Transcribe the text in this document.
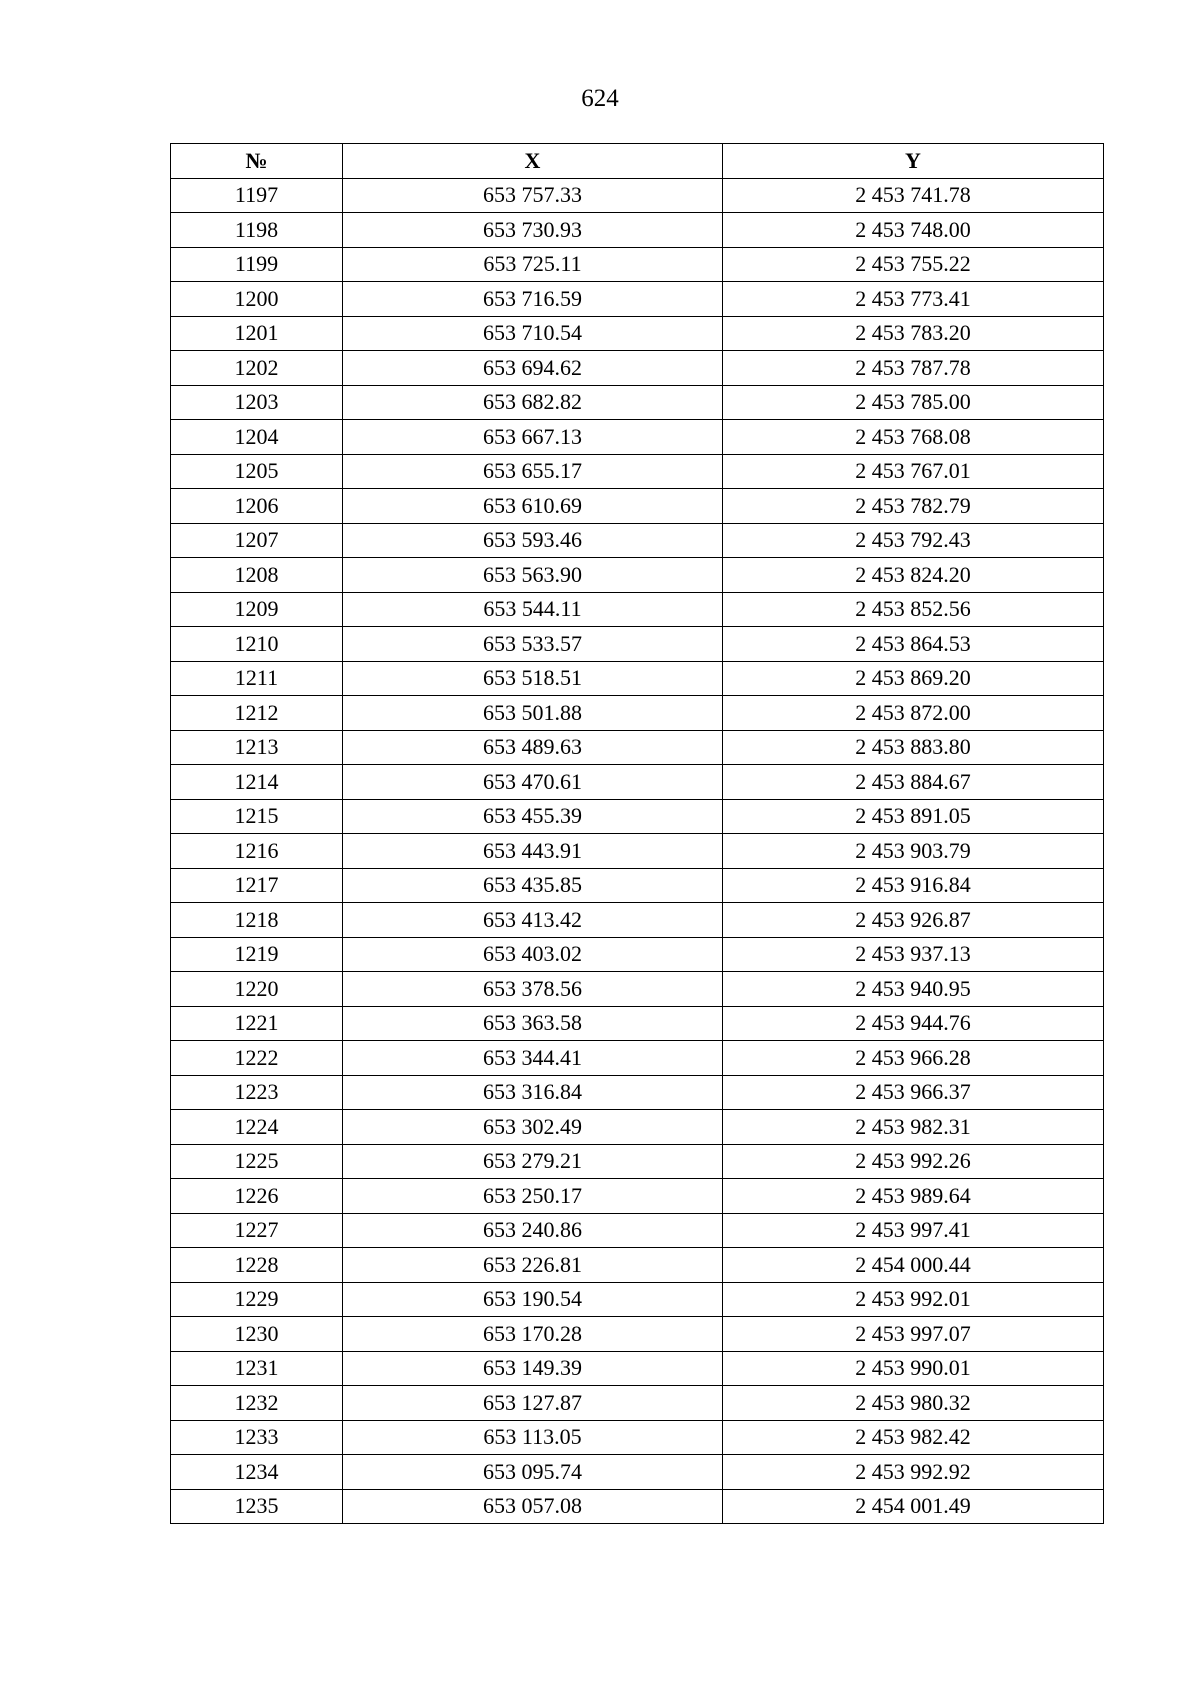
624
№	X	Y
1197	653 757.33	2 453 741.78
1198	653 730.93	2 453 748.00
1199	653 725.11	2 453 755.22
1200	653 716.59	2 453 773.41
1201	653 710.54	2 453 783.20
1202	653 694.62	2 453 787.78
1203	653 682.82	2 453 785.00
1204	653 667.13	2 453 768.08
1205	653 655.17	2 453 767.01
1206	653 610.69	2 453 782.79
1207	653 593.46	2 453 792.43
1208	653 563.90	2 453 824.20
1209	653 544.11	2 453 852.56
1210	653 533.57	2 453 864.53
1211	653 518.51	2 453 869.20
1212	653 501.88	2 453 872.00
1213	653 489.63	2 453 883.80
1214	653 470.61	2 453 884.67
1215	653 455.39	2 453 891.05
1216	653 443.91	2 453 903.79
1217	653 435.85	2 453 916.84
1218	653 413.42	2 453 926.87
1219	653 403.02	2 453 937.13
1220	653 378.56	2 453 940.95
1221	653 363.58	2 453 944.76
1222	653 344.41	2 453 966.28
1223	653 316.84	2 453 966.37
1224	653 302.49	2 453 982.31
1225	653 279.21	2 453 992.26
1226	653 250.17	2 453 989.64
1227	653 240.86	2 453 997.41
1228	653 226.81	2 454 000.44
1229	653 190.54	2 453 992.01
1230	653 170.28	2 453 997.07
1231	653 149.39	2 453 990.01
1232	653 127.87	2 453 980.32
1233	653 113.05	2 453 982.42
1234	653 095.74	2 453 992.92
1235	653 057.08	2 454 001.49
